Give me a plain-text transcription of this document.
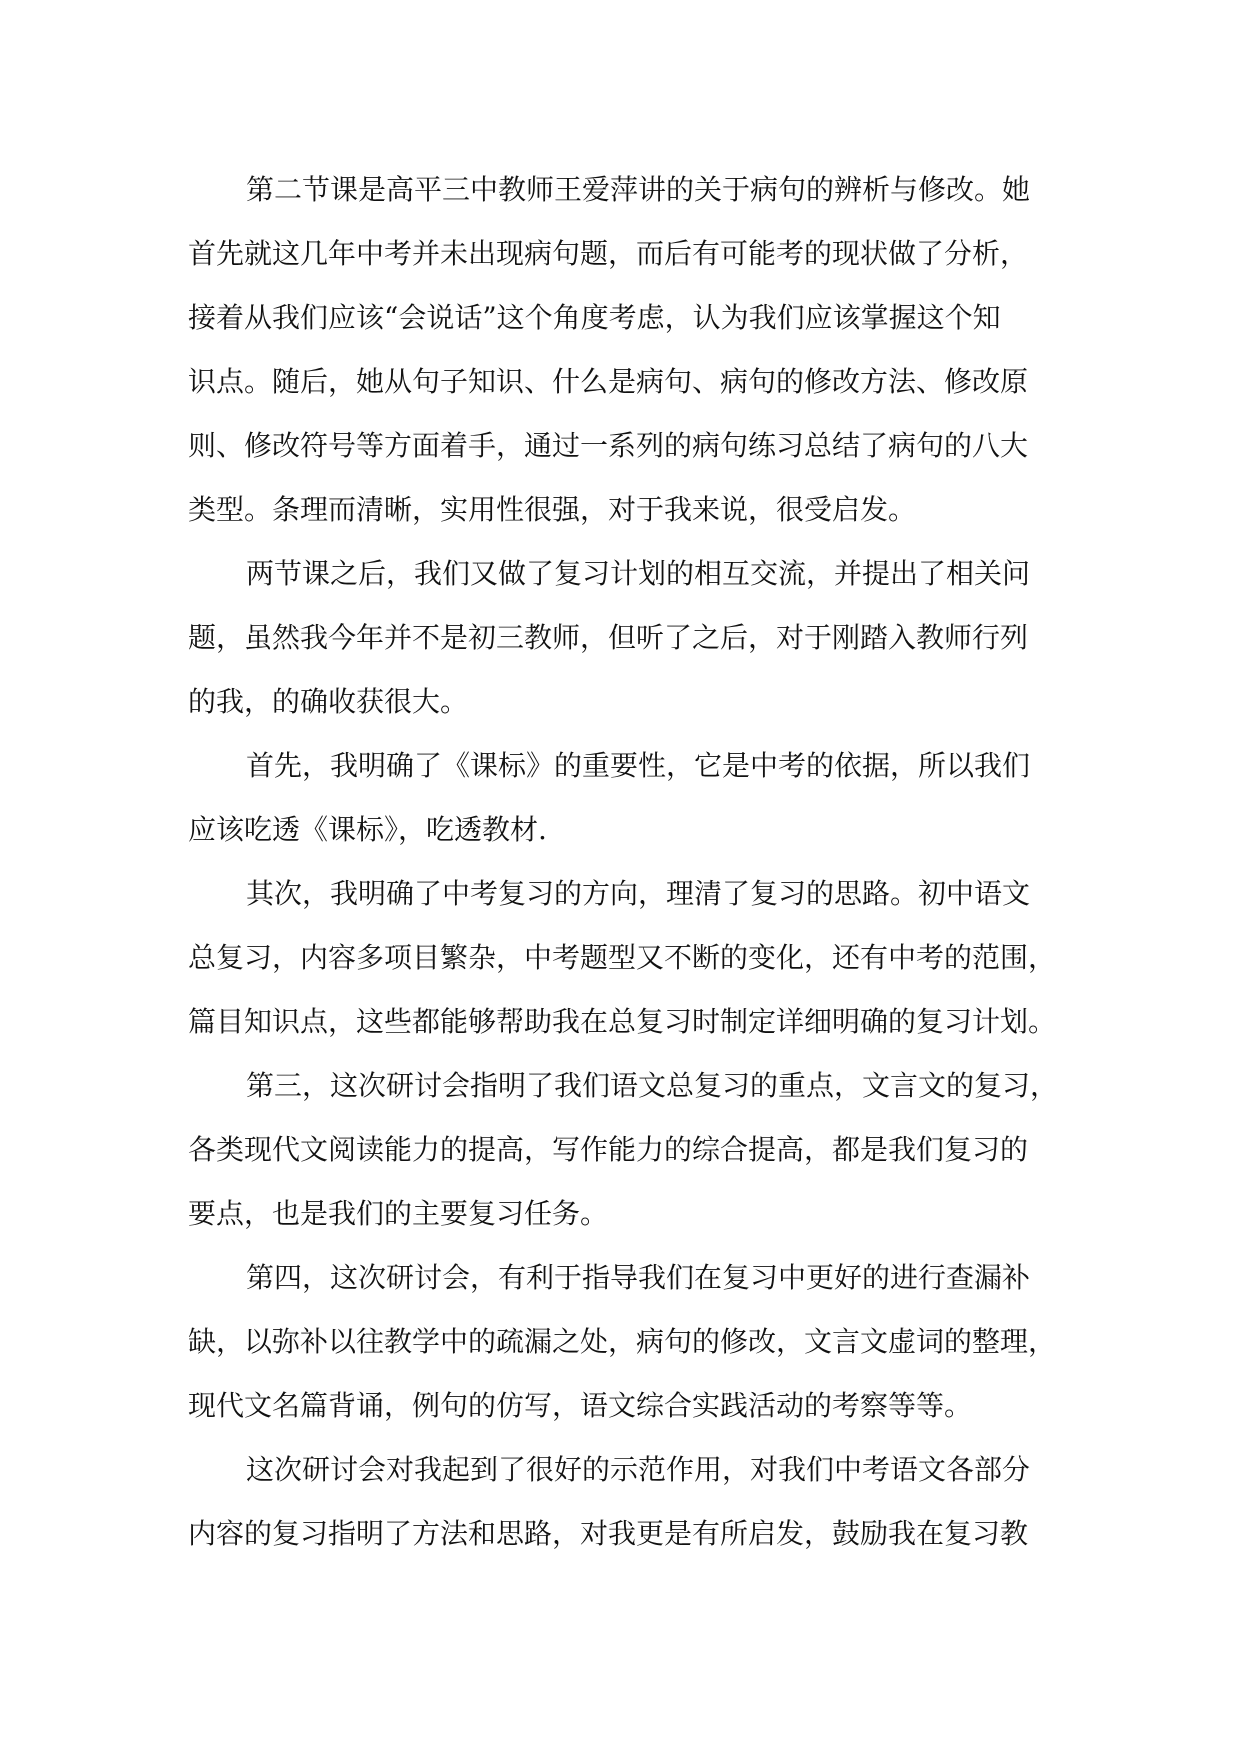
第二节课是高平三中教师王爱萍讲的关于病句的辨析与修改。她
首先就这几年中考并未出现病句题，而后有可能考的现状做了分析，
接着从我们应该“会说话”这个角度考虑，认为我们应该掌握这个知
识点。随后，她从句子知识、什么是病句、病句的修改方法、修改原
则、修改符号等方面着手，通过一系列的病句练习总结了病句的八大
类型。条理而清晰，实用性很强，对于我来说，很受启发。
两节课之后，我们又做了复习计划的相互交流，并提出了相关问
题，虽然我今年并不是初三教师，但听了之后，对于刚踏入教师行列
的我，的确收获很大。
首先，我明确了《课标》的重要性，它是中考的依据，所以我们
应该吃透《课标》，吃透教材.
其次，我明确了中考复习的方向，理清了复习的思路。初中语文
总复习，内容多项目繁杂，中考题型又不断的变化，还有中考的范围，
篇目知识点，这些都能够帮助我在总复习时制定详细明确的复习计划。
第三，这次研讨会指明了我们语文总复习的重点，文言文的复习，
各类现代文阅读能力的提高，写作能力的综合提高，都是我们复习的
要点，也是我们的主要复习任务。
第四，这次研讨会，有利于指导我们在复习中更好的进行查漏补
缺，以弥补以往教学中的疏漏之处，病句的修改，文言文虚词的整理，
现代文名篇背诵，例句的仿写，语文综合实践活动的考察等等。
这次研讨会对我起到了很好的示范作用，对我们中考语文各部分
内容的复习指明了方法和思路，对我更是有所启发，鼓励我在复习教
